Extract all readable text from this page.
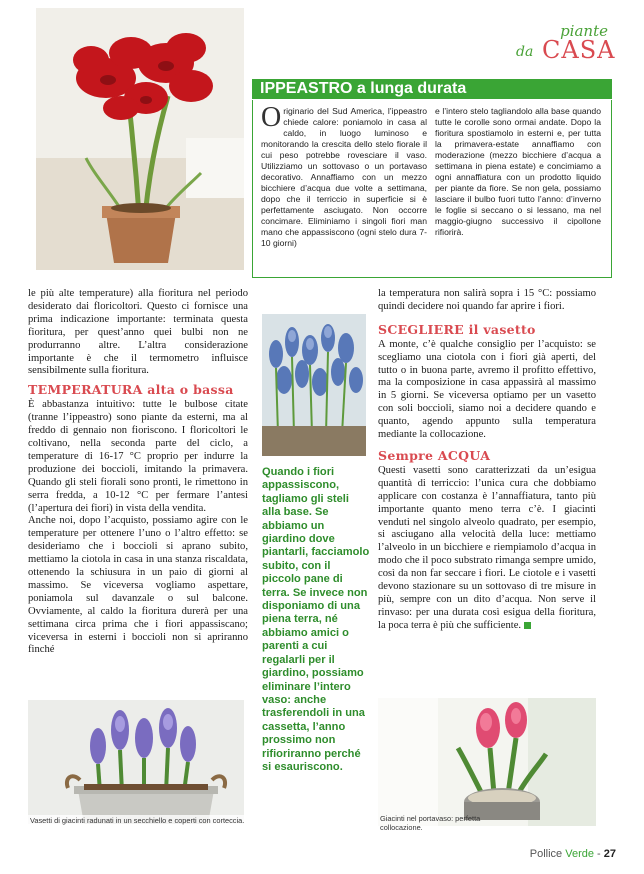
piante
da CASA
IPPEASTRO a lunga durata
Originario del Sud America, l’ippeastro chiede calore: poniamolo in casa al caldo, in luogo luminoso e monitorando la crescita dello stelo fiorale il cui peso potrebbe rovesciare il vaso. Utilizziamo un sottovaso o un portavaso decorativo. Annaffiamo con un mezzo bicchiere d’acqua due volte a settimana, dopo che il terriccio in superficie si è perfettamente asciugato. Non occorre concimare. Eliminiamo i singoli fiori man mano che appassiscono (ogni stelo dura 7-10 giorni)
e l’intero stelo tagliandolo alla base quando tutte le corolle sono ormai andate. Dopo la fioritura spostiamolo in esterni e, per tutta la primavera-estate annaffiamo con moderazione (mezzo bicchiere d’acqua a settimana in piena estate) e concimiamo a ogni annaffiatura con un prodotto liquido per piante da fiore. Se non gela, possiamo lasciare il bulbo fuori tutto l’anno: d’inverno le foglie si seccano o si lessano, ma nel maggio-giugno successivo il cipollone rifiorirà.

le più alte temperature) alla fioritura nel periodo desiderato dai floricoltori. Questo ci fornisce una prima indicazione importante: terminata questa fioritura, per quest’anno quei bulbi non ne produrranno altre. L’altra considerazione importante è che il termometro influisce sensibilmente sulla fioritura.

TEMPERATURA alta o bassa

È abbastanza intuitivo: tutte le bulbose citate (tranne l’ippeastro) sono piante da esterni, ma al freddo di gennaio non fioriscono. I floricoltori le coltivano, nella seconda parte del ciclo, a temperature di 16-17 °C proprio per indurre la produzione dei boccioli, imitando la primavera. Quando gli steli fiorali sono pronti, le rimettono in serra fredda, a 10-12 °C per fermare l’antesi (l’apertura dei fiori) in vista della vendita.

Anche noi, dopo l’acquisto, possiamo agire con le temperature per ottenere l’uno o l’altro effetto: se desideriamo che i boccioli si aprano subito, mettiamo la ciotola in casa in una stanza riscaldata, ottenendo la schiusura in un paio di giorni al massimo. Se viceversa vogliamo aspettare, poniamola sul davanzale o sul balcone. Ovviamente, al caldo la fioritura durerà per una settimana circa prima che i fiori appassiscano; viceversa in esterni i boccioli non si apriranno finché

Quando i fiori appassiscono, tagliamo gli steli alla base. Se abbiamo un giardino dove piantarli, facciamolo subito, con il piccolo pane di terra. Se invece non disponiamo di una piena terra, né abbiamo amici o parenti a cui regalarli per il giardino, possiamo eliminare l’intero vaso: anche trasferendoli in una cassetta, l’anno prossimo non rifioriranno perché si esauriscono.

la temperatura non salirà sopra i 15 °C: possiamo quindi decidere noi quando far aprire i fiori.

SCEGLIERE il vasetto

A monte, c’è qualche consiglio per l’acquisto: se scegliamo una ciotola con i fiori già aperti, del tutto o in buona parte, avremo il profitto effettivo, ma la composizione in casa appassirà al massimo in 5 giorni. Se viceversa optiamo per un vasetto con soli boccioli, siamo noi a decidere quando e quanto, agendo appunto sulla temperatura mediante la collocazione.

Sempre ACQUA

Questi vasetti sono caratterizzati da un’esigua quantità di terriccio: l’unica cura che dobbiamo applicare con costanza è l’annaffiatura, tanto più importante quanto meno terra c’è. I giacinti venduti nel singolo alveolo quadrato, per esempio, si asciugano alla velocità della luce: mettiamo l’alveolo in un bicchiere e riempiamolo d’acqua in modo che il poco substrato rimanga sempre umido, così da non far seccare i fiori. Le ciotole e i vasetti devono stazionare su un sottovaso di tre misure in più, sempre con un dito d’acqua. Non serve il rinvaso: per una durata così esigua della fioritura, la poca terra è più che sufficiente.

Vasetti di giacinti radunati in un secchiello e coperti con corteccia.	Giacinti nel portavaso: perfetta collocazione.
Pollice Verde - 27
